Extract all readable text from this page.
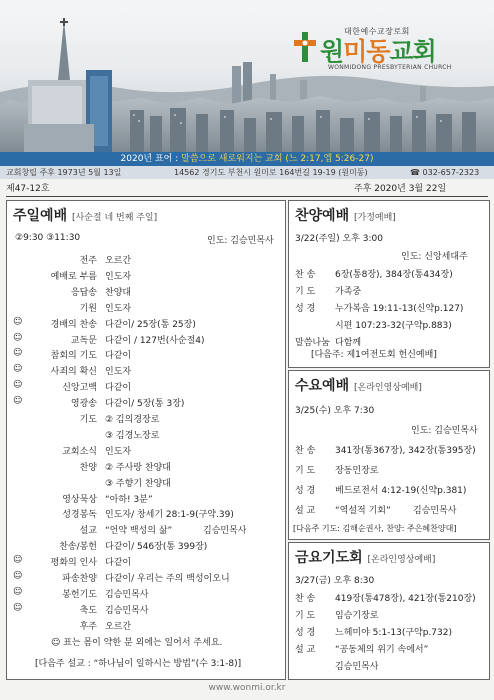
대한예수교장로회
원미동교회
WONMIDONG PRESBYTERIAN CHURCH
2020년 표어 : 말씀으로 새로워지는 교회 (느 2:17,엡 5:26-27)
교회창립 주후 1973년 5월 13일	14562 경기도 부천시 원미로 164번길 19-19 (원미동)	☎ 032-657-2323
제47-12호	주후 2020년 3월 22일
주일예배 [사순절 네 번째 주일]
②9:30 ③11:30	인도: 김승민목사
전주 오르간
예배로 부름 인도자
응답송 찬양대
기원 인도자
☺	경배의 찬송 다같이/ 25장(통 25장)
☺	교독문 다같이 / 127번(사순절4)
☺	참회의 기도 다같이
☺	사죄의 확신 인도자
☺	신앙고백 다같이
☺	영광송 다같이/ 5장(통 3장)
기도 ② 김의경장로
③ 김경노장로
교회소식 인도자
찬양 ② 주사랑 찬양대
③ 주향기 찬양대
영상묵상 “아하! 3분”
성경봉독 인도자/ 창세기 28:1-9(구약.39)
설교 “언약 백성의 삶”	김승민목사
찬송/봉헌 다같이/ 546장(통 399장)
☺	평화의 인사 다같이
☺	파송찬양 다같이/ 우리는 주의 백성이오니
☺	봉헌기도 김승민목사
☺	축도 김승민목사
후주 오르간
☺ 표는 몸이 약한 분 외에는 일어서 주세요.
[다음주 설교 : “하나님이 일하시는 방법”(수 3:1-8)]
찬양예배 [가정예배]
3/22(주일) 오후 3:00
인도: 신앙세대주
찬 송 6장(통8장), 384장(통434장)
기 도 가족중
성 경 누가복음 19:11-13(신약p.127)
시편 107:23-32(구약p.883)
말씀나눔 다함께
[다음주: 제1여전도회 헌신예배]
수요예배 [온라인영상예배]
3/25(수) 오후 7:30
인도: 김승민목사
찬 송 341장(통367장), 342장(통395장)
기 도 장동민장로
성 경 베드로전서 4:12-19(신약p.381)
설 교 “역설적 기회” 김승민목사
[다음주 기도: 김해순권사, 찬양: 주은혜찬양대]
금요기도회 [온라인영상예배]
3/27(금) 오후 8:30
찬 송 419장(통478장), 421장(통210장)
기 도 임승기장로
성 경 느헤미야 5:1-13(구약p.732)
설 교 “공동체의 위기 속에서”
김승민목사
www.wonmi.or.kr
